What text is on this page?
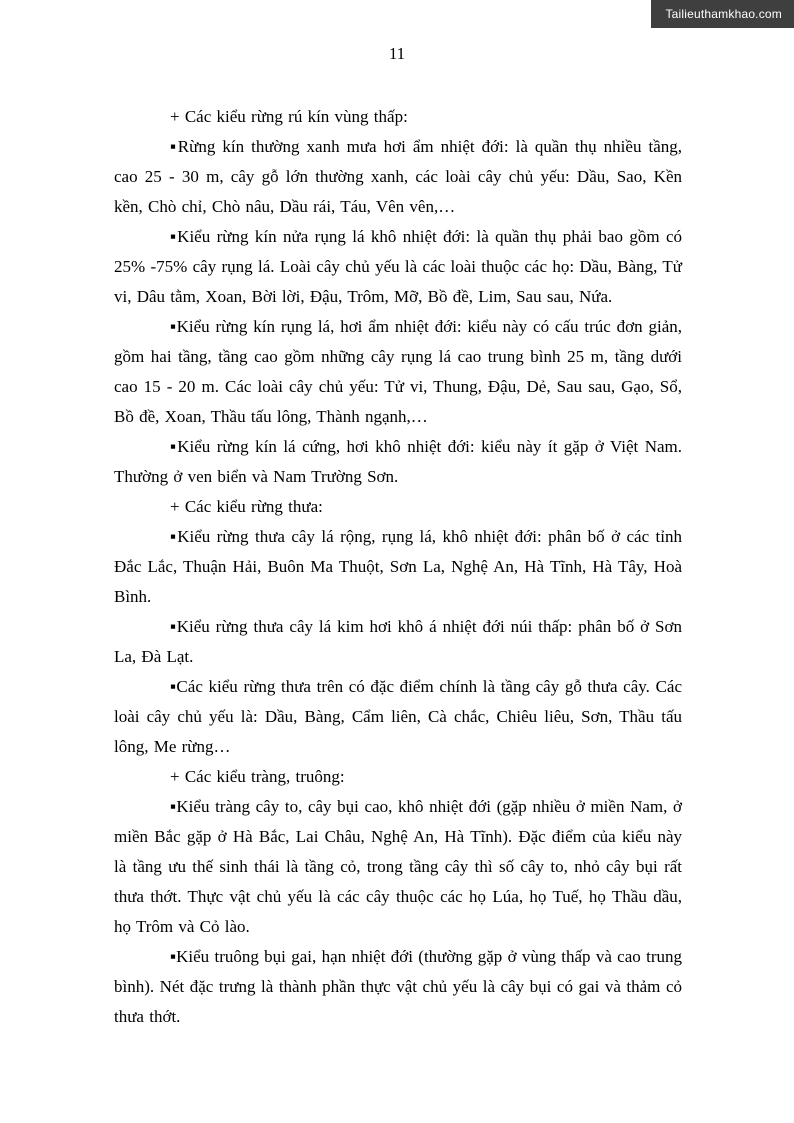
Tailieuthamkhao.com
11

+ Các kiểu rừng rú kín vùng thấp:

▪Rừng kín thường xanh mưa hơi ẩm nhiệt đới: là quần thụ nhiều tầng, cao 25 - 30 m, cây gỗ lớn thường xanh, các loài cây chủ yếu: Dầu, Sao, Kền kền, Chò chỉ, Chò nâu, Dầu rái, Táu, Vên vên,…

▪Kiểu rừng kín nửa rụng lá khô nhiệt đới: là quần thụ phải bao gồm có 25% -75% cây rụng lá. Loài cây chủ yếu là các loài thuộc các họ: Dầu, Bàng, Tử vi, Dâu tằm, Xoan, Bời lời, Đậu, Trôm, Mỡ, Bồ đề, Lim, Sau sau, Nứa.

▪Kiểu rừng kín rụng lá, hơi ẩm nhiệt đới: kiểu này có cấu trúc đơn giản, gồm hai tầng, tầng cao gồm những cây rụng lá cao trung bình 25 m, tầng dưới cao 15 - 20 m. Các loài cây chủ yếu: Tử vi, Thung, Đậu, Dẻ, Sau sau, Gạo, Sổ, Bồ đề, Xoan, Thầu tấu lông, Thành ngạnh,…

▪Kiểu rừng kín lá cứng, hơi khô nhiệt đới: kiểu này ít gặp ở Việt Nam. Thường ở ven biển và Nam Trường Sơn.

+ Các kiểu rừng thưa:

▪Kiểu rừng thưa cây lá rộng, rụng lá, khô nhiệt đới: phân bố ở các tỉnh Đắc Lắc, Thuận Hải, Buôn Ma Thuột, Sơn La, Nghệ An, Hà Tĩnh, Hà Tây, Hoà Bình.

▪Kiểu rừng thưa cây lá kim hơi khô á nhiệt đới núi thấp: phân bố ở Sơn La, Đà Lạt.

▪Các kiểu rừng thưa trên có đặc điểm chính là tầng cây gỗ thưa cây. Các loài cây chủ yếu là: Dầu, Bàng, Cẩm liên, Cà chắc, Chiêu liêu, Sơn, Thầu tấu lông, Me rừng…

+ Các kiểu tràng, truông:

▪Kiểu tràng cây to, cây bụi cao, khô nhiệt đới (gặp nhiều ở miền Nam, ở miền Bắc gặp ở Hà Bắc, Lai Châu, Nghệ An, Hà Tĩnh). Đặc điểm của kiểu này là tầng ưu thế sinh thái là tầng cỏ, trong tầng cây thì số cây to, nhỏ cây bụi rất thưa thớt. Thực vật chủ yếu là các cây thuộc các họ Lúa, họ Tuế, họ Thầu dầu, họ Trôm và Cỏ lào.

▪Kiểu truông bụi gai, hạn nhiệt đới (thường gặp ở vùng thấp và cao trung bình). Nét đặc trưng là thành phần thực vật chủ yếu là cây bụi có gai và thảm cỏ thưa thớt.
